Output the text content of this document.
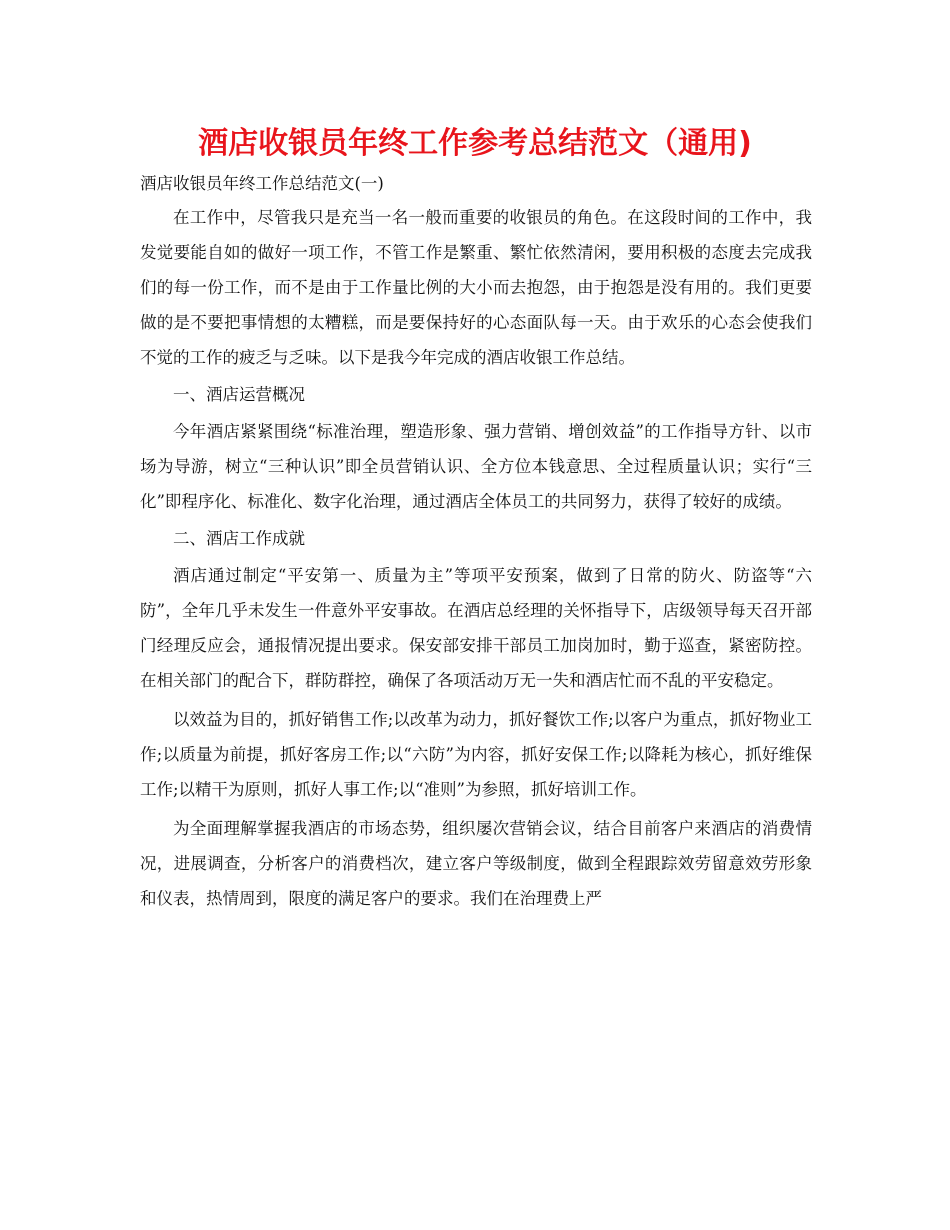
酒店收银员年终工作参考总结范文（通用)

酒店收银员年终工作总结范文(一)

在工作中，尽管我只是充当一名一般而重要的收银员的角色。在这段时间的工作中，我发觉要能自如的做好一项工作，不管工作是繁重、繁忙依然清闲，要用积极的态度去完成我们的每一份工作，而不是由于工作量比例的大小而去抱怨，由于抱怨是没有用的。我们更要做的是不要把事情想的太糟糕，而是要保持好的心态面队每一天。由于欢乐的心态会使我们不觉的工作的疲乏与乏味。以下是我今年完成的酒店收银工作总结。

一、酒店运营概况

今年酒店紧紧围绕“标准治理，塑造形象、强力营销、增创效益”的工作指导方针、以市场为导游，树立“三种认识”即全员营销认识、全方位本钱意思、全过程质量认识；实行“三化”即程序化、标准化、数字化治理，通过酒店全体员工的共同努力，获得了较好的成绩。

二、酒店工作成就

酒店通过制定“平安第一、质量为主”等项平安预案，做到了日常的防火、防盗等“六防”，全年几乎未发生一件意外平安事故。在酒店总经理的关怀指导下，店级领导每天召开部门经理反应会，通报情况提出要求。保安部安排干部员工加岗加时，勤于巡查，紧密防控。在相关部门的配合下，群防群控，确保了各项活动万无一失和酒店忙而不乱的平安稳定。

以效益为目的，抓好销售工作;以改革为动力，抓好餐饮工作;以客户为重点，抓好物业工作;以质量为前提，抓好客房工作;以“六防”为内容，抓好安保工作;以降耗为核心，抓好维保工作;以精干为原则，抓好人事工作;以“准则”为参照，抓好培训工作。

为全面理解掌握我酒店的市场态势，组织屡次营销会议，结合目前客户来酒店的消费情况，进展调查，分析客户的消费档次，建立客户等级制度，做到全程跟踪效劳留意效劳形象和仪表，热情周到，限度的满足客户的要求。我们在治理费上严
